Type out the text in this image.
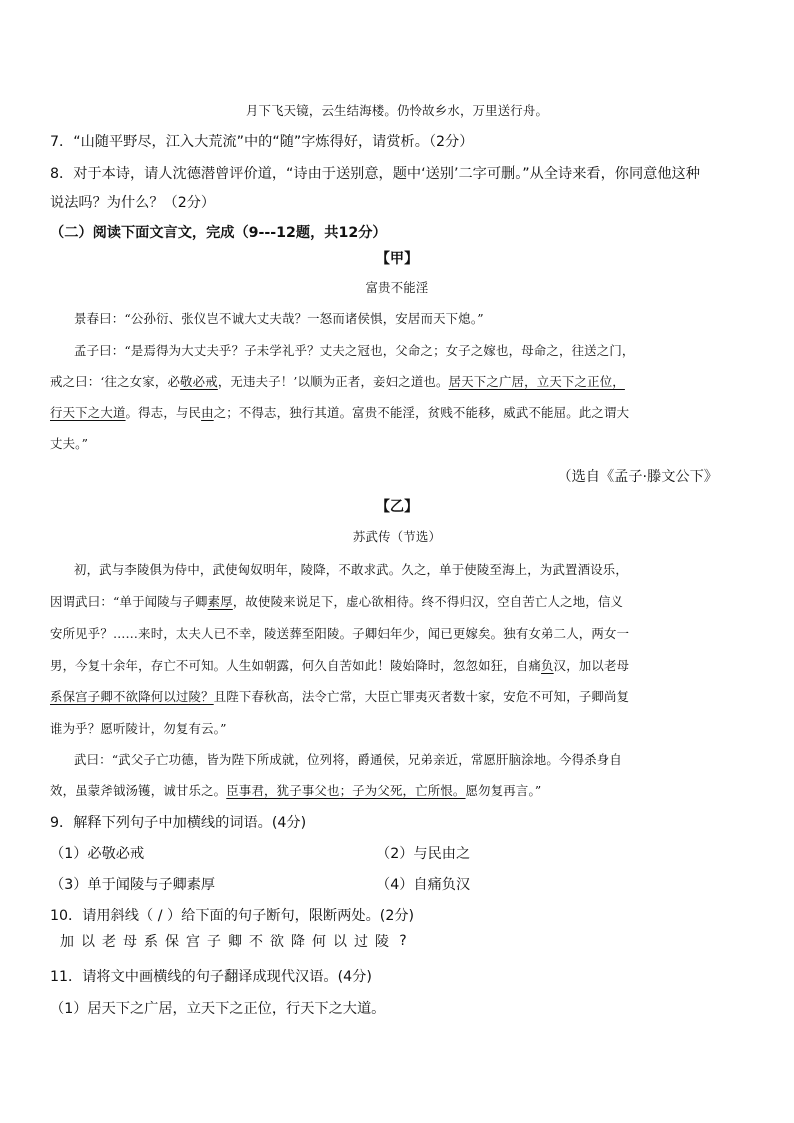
月下飞天镜，云生结海楼。仍怜故乡水，万里送行舟。
7．“山随平野尽，江入大荒流”中的“随”字炼得好，请赏析。（2分）
8．对于本诗，请人沈德潜曾评价道，“诗由于送别意，题中‘送别’二字可删。”从全诗来看，你同意他这种
说法吗？为什么？（2分）
（二）阅读下面文言文，完成（9---12题，共12分）
【甲】
富贵不能淫
景春曰：“公孙衍、张仪岂不诚大丈夫哉？一怒而诸侯惧，安居而天下熄。”
孟子曰：“是焉得为大丈夫乎？子未学礼乎？丈夫之冠也，父命之；女子之嫁也，母命之，往送之门，
戒之曰：‘往之女家，必敬必戒，无违夫子！’以顺为正者，妾妇之道也。居天下之广居，立天下之正位，
行天下之大道。得志，与民由之；不得志，独行其道。富贵不能淫，贫贱不能移，威武不能屈。此之谓大
丈夫。”
（选自《孟子·滕文公下》
【乙】
苏武传（节选）
初，武与李陵俱为侍中，武使匈奴明年，陵降，不敢求武。久之，单于使陵至海上，为武置酒设乐，
因谓武曰：“单于闻陵与子卿素厚，故使陵来说足下，虚心欲相待。终不得归汉，空自苦亡人之地，信义
安所见乎？……来时，太夫人已不幸，陵送葬至阳陵。子卿妇年少，闻已更嫁矣。独有女弟二人，两女一
男，今复十余年，存亡不可知。人生如朝露，何久自苦如此！陵始降时，忽忽如狂，自痛负汉，加以老母
系保宫子卿不欲降何以过陵？且陛下春秋高，法令亡常，大臣亡罪夷灭者数十家，安危不可知，子卿尚复
谁为乎？愿听陵计，勿复有云。”
武曰：“武父子亡功德，皆为陛下所成就，位列将，爵通侯，兄弟亲近，常愿肝脑涂地。今得杀身自
效，虽蒙斧钺汤镬，诚甘乐之。臣事君，犹子事父也；子为父死，亡所恨。愿勿复再言。”
9．解释下列句子中加横线的词语。(4分)
（1）必敬必戒	（2）与民由之
（3）单于闻陵与子卿素厚	（4）自痛负汉
10．请用斜线（ / ）给下面的句子断句，限断两处。(2分)
加 以 老 母 系 保 宫 子 卿 不 欲 降 何 以 过 陵 ?
11．请将文中画横线的句子翻译成现代汉语。(4分)
（1）居天下之广居，立天下之正位，行天下之大道。
